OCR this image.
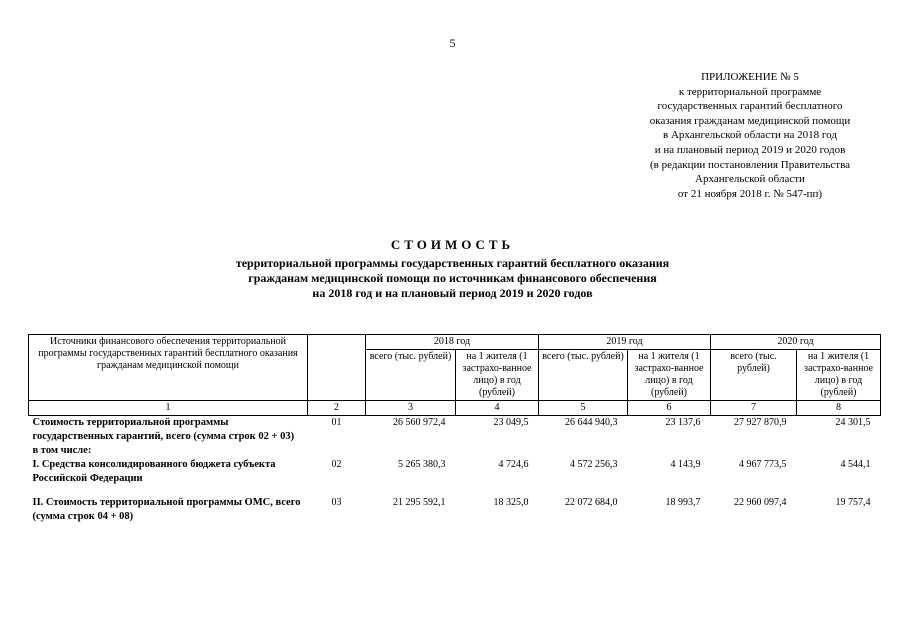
5
ПРИЛОЖЕНИЕ № 5
к территориальной программе
государственных гарантий бесплатного
оказания гражданам медицинской помощи
в Архангельской области на 2018 год
и на плановый период 2019 и 2020 годов
(в редакции постановления Правительства
Архангельской области
от 21 ноября 2018 г. № 547-пп)
СТОИМОСТЬ
территориальной программы государственных гарантий бесплатного оказания
гражданам медицинской помощи по источникам финансового обеспечения
на 2018 год и на плановый период 2019 и 2020 годов
Источники финансового обеспечения территориальной программы государственных гарантий бесплатного оказания гражданам медицинской помощи		2018 год		2019 год		2020 год	
		всего (тыс. рублей)	на 1 жителя (1 застрахо-ванное лицо) в год (рублей)	всего (тыс. рублей)	на 1 жителя (1 застрахо-ванное лицо) в год (рублей)	всего (тыс. рублей)	на 1 жителя (1 застрахо-ванное лицо) в год (рублей)
1	2	3	4	5	6	7	8
Стоимость территориальной программы государственных гарантий, всего (сумма строк 02 + 03)	01	26 560 972,4	23 049,5	26 644 940,3	23 137,6	27 927 870,9	24 301,5
в том числе:							
I. Средства консолидированного бюджета субъекта Российской Федерации	02	5 265 380,3	4 724,6	4 572 256,3	4 143,9	4 967 773,5	4 544,1

II. Стоимость территориальной программы ОМС, всего (сумма строк 04 + 08)	03	21 295 592,1	18 325,0	22 072 684,0	18 993,7	22 960 097,4	19 757,4
